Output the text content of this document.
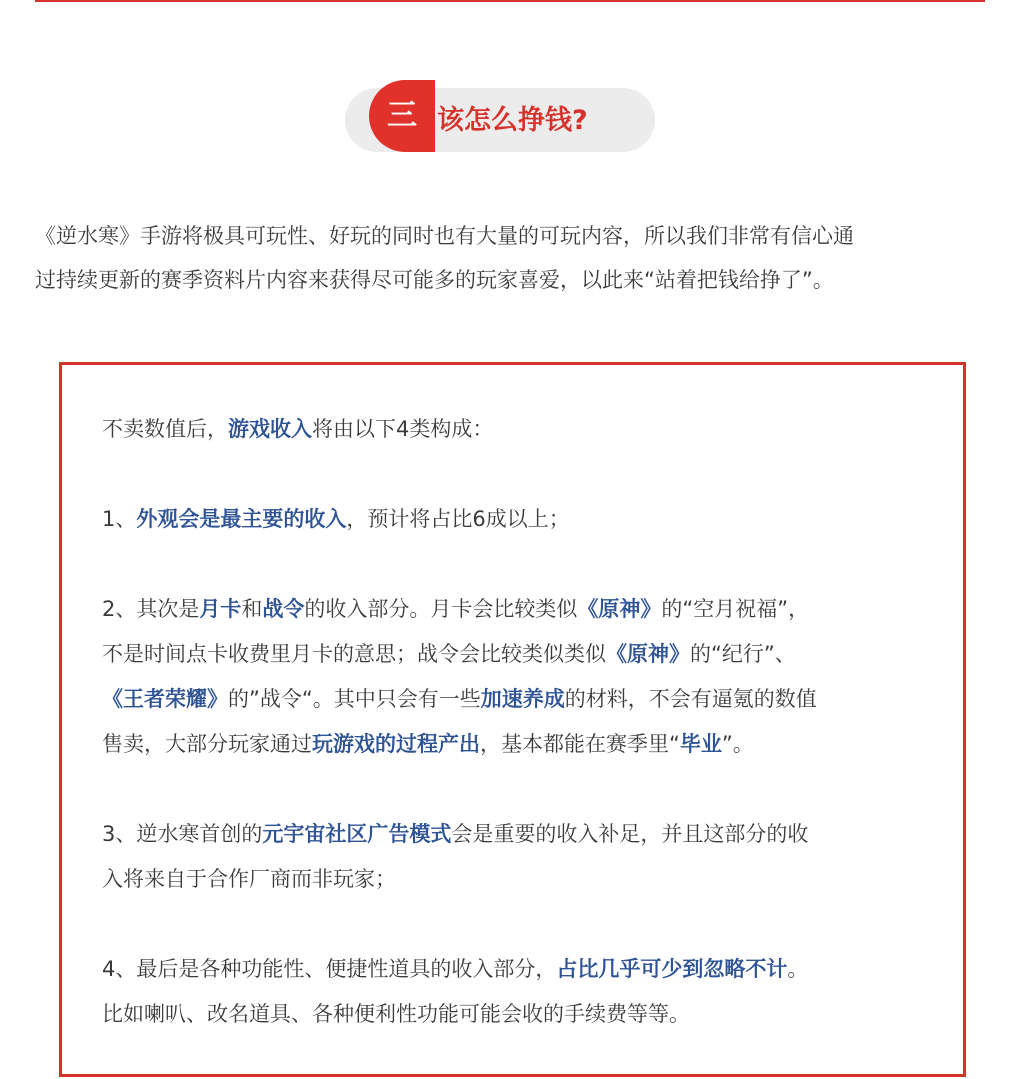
三 该怎么挣钱?

《逆水寒》手游将极具可玩性、好玩的同时也有大量的可玩内容，所以我们非常有信心通
过持续更新的赛季资料片内容来获得尽可能多的玩家喜爱，以此来“站着把钱给挣了”。

不卖数值后，游戏收入将由以下4类构成：

1、外观会是最主要的收入，预计将占比6成以上；

2、其次是月卡和战令的收入部分。月卡会比较类似《原神》的“空月祝福”，

不是时间点卡收费里月卡的意思；战令会比较类似类似《原神》的“纪行”、

《王者荣耀》的”战令“。其中只会有一些加速养成的材料，不会有逼氪的数值

售卖，大部分玩家通过玩游戏的过程产出，基本都能在赛季里“毕业”。

3、逆水寒首创的元宇宙社区广告模式会是重要的收入补足，并且这部分的收

入将来自于合作厂商而非玩家；

4、最后是各种功能性、便捷性道具的收入部分，占比几乎可少到忽略不计。

比如喇叭、改名道具、各种便利性功能可能会收的手续费等等。
